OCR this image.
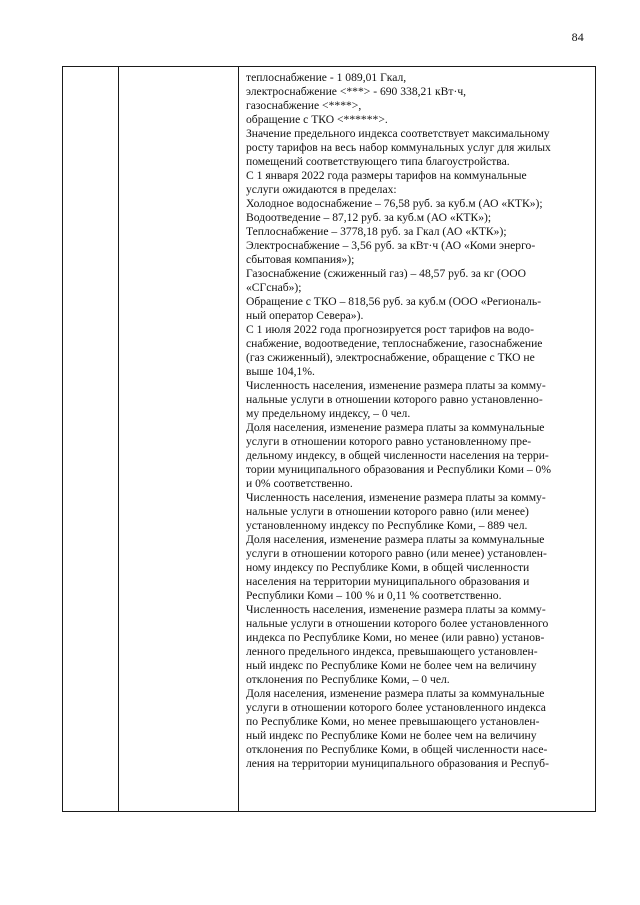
84

теплоснабжение - 1 089,01 Гкал,

электроснабжение <***> - 690 338,21 кВт·ч,

газоснабжение <****>,

обращение с ТКО <******>.

Значение предельного индекса соответствует максимальному

росту тарифов на весь набор коммунальных услуг для жилых

помещений соответствующего типа благоустройства.

С 1 января 2022 года размеры тарифов на коммунальные

услуги ожидаются в пределах:

Холодное водоснабжение – 76,58 руб. за куб.м (АО «КТК»);

Водоотведение – 87,12 руб. за куб.м (АО «КТК»);

Теплоснабжение – 3778,18 руб. за Гкал (АО «КТК»);

Электроснабжение – 3,56 руб. за кВт·ч (АО «Коми энерго-

сбытовая компания»);

Газоснабжение (сжиженный газ) – 48,57 руб. за кг (ООО

«СГснаб»);

Обращение с ТКО – 818,56 руб. за куб.м (ООО «Региональ-

ный оператор Севера»).

С 1 июля 2022 года прогнозируется рост тарифов на водо-

снабжение, водоотведение, теплоснабжение, газоснабжение

(газ сжиженный), электроснабжение, обращение с ТКО не

выше 104,1%.

Численность населения, изменение размера платы за комму-

нальные услуги в отношении которого равно установленно-

му предельному индексу, – 0 чел.

Доля населения, изменение размера платы за коммунальные

услуги в отношении которого равно установленному пре-

дельному индексу, в общей численности населения на терри-

тории муниципального образования и Республики Коми – 0%

и 0% соответственно.

Численность населения, изменение размера платы за комму-

нальные услуги в отношении которого равно (или менее)

установленному индексу по Республике Коми, – 889 чел.

Доля населения, изменение размера платы за коммунальные

услуги в отношении которого равно (или менее) установлен-

ному индексу по Республике Коми, в общей численности

населения на территории муниципального образования и

Республики Коми – 100 % и 0,11 % соответственно.

Численность населения, изменение размера платы за комму-

нальные услуги в отношении которого более установленного

индекса по Республике Коми, но менее (или равно) установ-

ленного предельного индекса, превышающего установлен-

ный индекс по Республике Коми не более чем на величину

отклонения по Республике Коми, – 0 чел.

Доля населения, изменение размера платы за коммунальные

услуги в отношении которого более установленного индекса

по Республике Коми, но менее превышающего установлен-

ный индекс по Республике Коми не более чем на величину

отклонения по Республике Коми, в общей численности насе-

ления на территории муниципального образования и Респуб-
